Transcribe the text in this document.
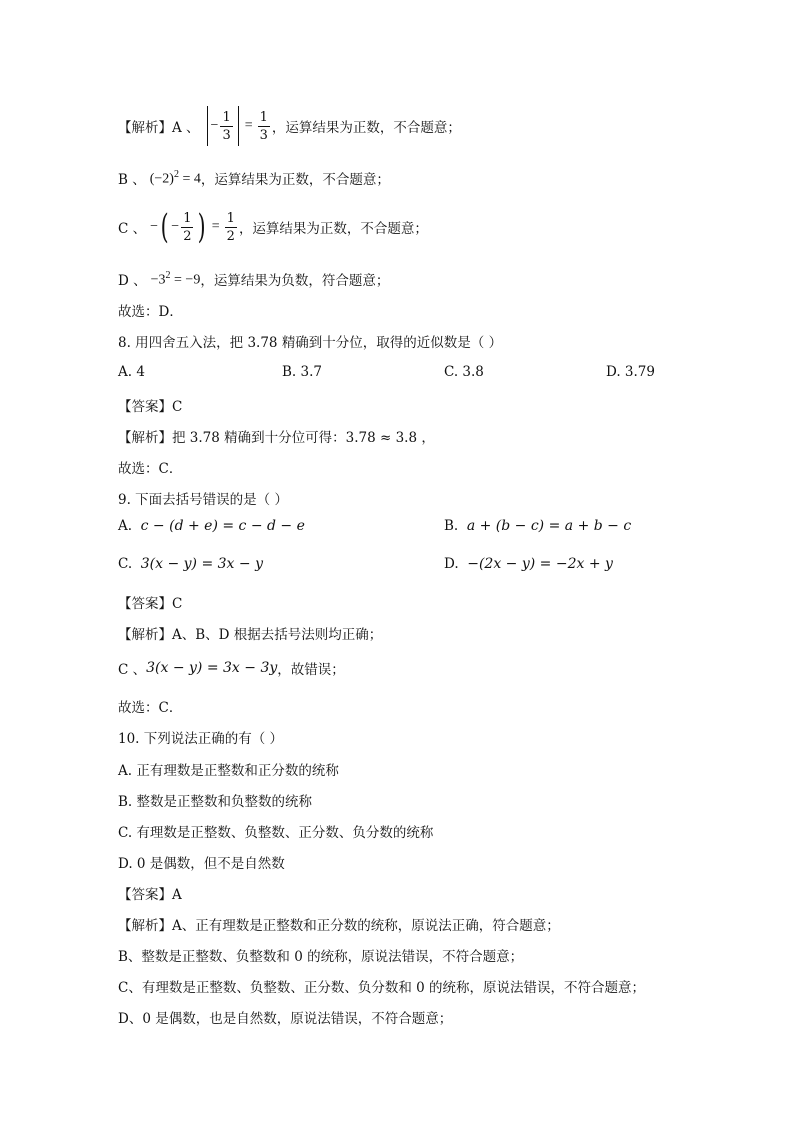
【解析】 A 、 − $\frac{1}{3} = \frac{1}{3}$ ，运算结果为正数，不合题意；
B 、 $(-2)^2 = 4$ ，运算结果为正数，不合题意；
C 、 − ( − $\frac{1}{2}$ ) = $\frac{1}{2}$ ，运算结果为正数，不合题意；
D 、 $-3^2 = -9$ ，运算结果为负数，符合题意；
故选：D．
8. 用四舍五入法，把 3.78 精确到十分位，取得的近似数是（ ）
A. 4	B. 3.7	C. 3.8	D. 3.79
【答案】C
【解析】把 3.78 精确到十分位可得：3.78 ≈ 3.8 ，
故选：C．
9. 下面去括号错误的是（ ）
A. c − (d + e) = c − d − e	B. a + (b − c) = a + b − c
C. 3(x − y) = 3x − y	D. −(2x − y) = −2x + y
【答案】C
【解析】A、B、D 根据去括号法则均正确；
C 、 3(x − y) = 3x − 3y ，故错误；
故选：C．
10. 下列说法正确的有（ ）
A. 正有理数是正整数和正分数的统称
B. 整数是正整数和负整数的统称
C. 有理数是正整数、负整数、正分数、负分数的统称
D. 0 是偶数，但不是自然数
【答案】A
【解析】A、正有理数是正整数和正分数的统称，原说法正确，符合题意；
B、整数是正整数、负整数和 0 的统称，原说法错误，不符合题意；
C、有理数是正整数、负整数、正分数、负分数和 0 的统称，原说法错误，不符合题意；
D、0 是偶数，也是自然数，原说法错误，不符合题意；
